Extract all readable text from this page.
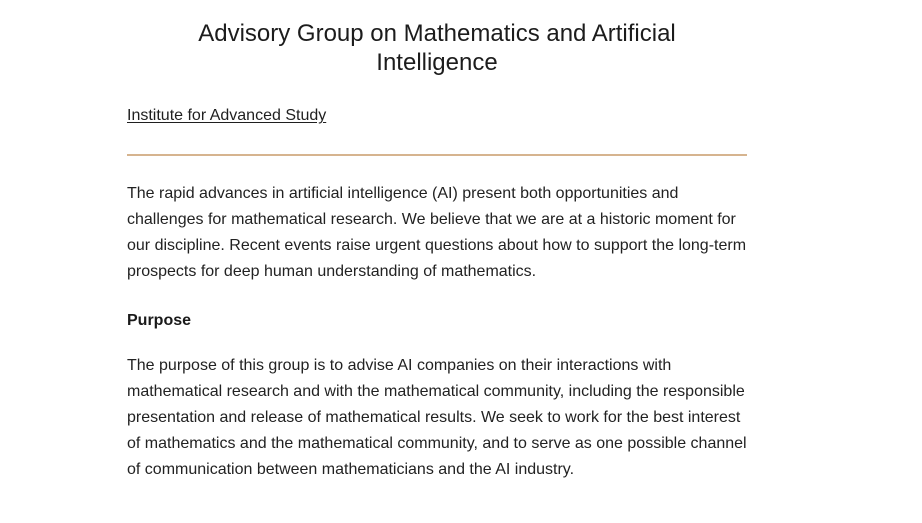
Advisory Group on Mathematics and Artificial Intelligence
Institute for Advanced Study

The rapid advances in artificial intelligence (AI) present both opportunities and challenges for mathematical research. We believe that we are at a historic moment for our discipline. Recent events raise urgent questions about how to support the long-term prospects for deep human understanding of mathematics.

Purpose

The purpose of this group is to advise AI companies on their interactions with mathematical research and with the mathematical community, including the responsible presentation and release of mathematical results. We seek to work for the best interest of mathematics and the mathematical community, and to serve as one possible channel of communication between mathematicians and the AI industry.
